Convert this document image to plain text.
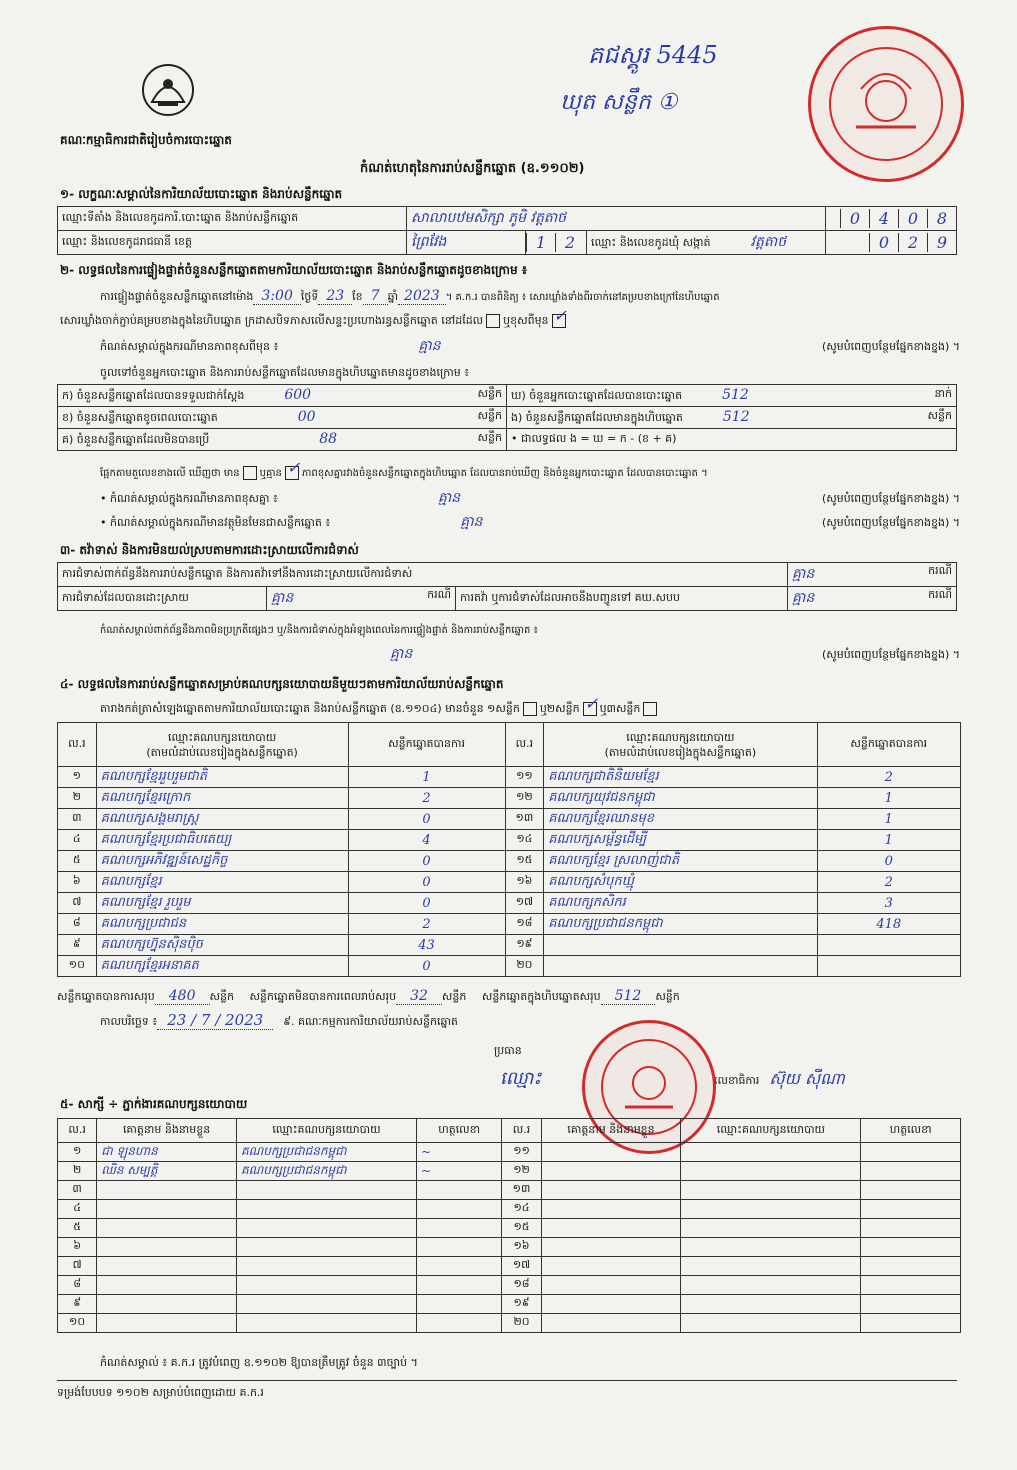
គណៈកម្មាធិការជាតិរៀបចំការបោះឆ្នោត
កំណត់ហេតុនៃការរាប់សន្លឹកឆ្នោត (ឧ.១១០២)
គជស្គូរ 5445
ឃុត សន្លឹក ①
១- លក្ខណៈសម្គាល់នៃការិយាល័យបោះឆ្នោត និងរាប់សន្លឹកឆ្នោត
ឈ្មោះទីតាំង និងលេខកូដការិ.បោះឆ្នោត និងរាប់សន្លឹកឆ្នោត	សាលាបឋមសិក្សា ភូមិ វត្តតាថ			0 4 0 8
ឈ្មោះ និងលេខកូដរាជធានី ខេត្ត	ព្រៃវែង	1 2	ឈ្មោះ និងលេខកូដឃុំ សង្កាត់ វត្តតាថ	0 2 9
២- លទ្ធផលនៃការផ្ទៀងផ្ទាត់ចំនួនសន្លឹកឆ្នោតតាមការិយាល័យបោះឆ្នោត និងរាប់សន្លឹកឆ្នោតដូចខាងក្រោម ៖
ការផ្ទៀងផ្ទាត់ចំនួនសន្លឹកឆ្នោតនៅម៉ោង 3:00 ថ្ងៃទី 23 ខែ 7 ឆ្នាំ 2023 ។ គ.ក.រ បានពិនិត្យ ៖ សោរឃ្លាំងទាំងពីរចាក់នៅគម្របខាងក្រៅនៃហិបឆ្នោត
សោរឃ្លាំងចាក់ភ្ជាប់គម្របខាងក្នុងនៃហិបឆ្នោត ក្រដាសបិទភាសលើសន្ទះប្រហោងរន្ធសន្លឹកឆ្នោត នៅដដែល ឬខុសពីមុន ✓
កំណត់សម្គាល់ក្នុងករណីមានភាពខុសពីមុន ៖	គ្មាន	(សូមបំពេញបន្ថែមផ្នែកខាងខ្នង) ។
ចូលទៅចំនួនអ្នកបោះឆ្នោត និងការរាប់សន្លឹកឆ្នោតដែលមានក្នុងហិបឆ្នោតមានដូចខាងក្រោម ៖
ក) ចំនួនសន្លឹកឆ្នោតដែលបានទទួលជាក់ស្តែង 600 សន្លឹក	ឃ) ចំនួនអ្នកបោះឆ្នោតដែលបានបោះឆ្នោត 512 នាក់

ខ) ចំនួនសន្លឹកឆ្នោតខូចពេលបោះឆ្នោត 00 សន្លឹក	ង) ចំនួនសន្លឹកឆ្នោតដែលមានក្នុងហិបឆ្នោត 512 សន្លឹក

គ) ចំនួនសន្លឹកឆ្នោតដែលមិនបានប្រើ 88 សន្លឹក	• ជាលទ្ធផល ង = ឃ = ក - (ខ + គ)
ផ្អែកតាមតួលេខខាងលើ ឃើញថា មាន ឬគ្មាន ✓ ភាពខុសគ្នារវាងចំនួនសន្លឹកឆ្នោតក្នុងហិបឆ្នោត ដែលបានរាប់ឃើញ និងចំនួនអ្នកបោះឆ្នោត ដែលបានបោះឆ្នោត ។
• កំណត់សម្គាល់ក្នុងករណីមានភាពខុសគ្នា ៖	គ្មាន	(សូមបំពេញបន្ថែមផ្នែកខាងខ្នង) ។
• កំណត់សម្គាល់ក្នុងករណីមានវត្ថុមិនមែនជាសន្លឹកឆ្នោត ៖	គ្មាន	(សូមបំពេញបន្ថែមផ្នែកខាងខ្នង) ។
៣- តវ៉ាទាស់ និងការមិនយល់ស្របតាមការដោះស្រាយលើការជំទាស់
ការជំទាស់ពាក់ព័ន្ធនឹងការរាប់សន្លឹកឆ្នោត និងការតវ៉ាទៅនឹងការដោះស្រាយលើការជំទាស់			គ្មាន ករណី

ការជំទាស់ដែលបានដោះស្រាយ	គ្មាន ករណី	ការតវ៉ា ឬការជំទាស់ដែលអាចនឹងបញ្ជូនទៅ គឃ.សបប	គ្មាន ករណី
កំណត់សម្គាល់ពាក់ព័ន្ធនឹងភាពមិនប្រក្រតីផ្សេងៗ ឬ/និងការជំទាស់ក្នុងអំឡុងពេលនៃការផ្ទៀងផ្ទាត់ និងការរាប់សន្លឹកឆ្នោត ៖
គ្មាន	(សូមបំពេញបន្ថែមផ្នែកខាងខ្នង) ។
៤- លទ្ធផលនៃការរាប់សន្លឹកឆ្នោតសម្រាប់គណបក្សនយោបាយនីមួយៗតាមការិយាល័យរាប់សន្លឹកឆ្នោត
តារាងកត់ត្រាសំឡេងឆ្នោតតាមការិយាល័យបោះឆ្នោត និងរាប់សន្លឹកឆ្នោត (ឧ.១១០៤) មានចំនួន ១សន្លឹក ឬ២សន្លឹក ✓ ឬ៣សន្លឹក
ល.រ	ឈ្មោះគណបក្សនយោបាយ
(តាមលំដាប់លេខរៀងក្នុងសន្លឹកឆ្នោត)	សន្លឹកឆ្នោតបានការ	ល.រ	ឈ្មោះគណបក្សនយោបាយ
(តាមលំដាប់លេខរៀងក្នុងសន្លឹកឆ្នោត)	សន្លឹកឆ្នោតបានការ
១	គណបក្សខ្មែររួបរួមជាតិ	1	១១	គណបក្សជាតិនិយមខ្មែរ	2
២	គណបក្សខ្មែរក្រោក	2	១២	គណបក្សយុវជនកម្ពុជា	1
៣	គណបក្សសង្គមរាស្ត្រ	0	១៣	គណបក្សខ្មែរឈានមុខ	1
៤	គណបក្សខ្មែរប្រជាធិបតេយ្យ	4	១៤	គណបក្សសម្ព័ន្ធដើម្បី	1
៥	គណបក្សអភិវឌ្ឍន៍សេដ្ឋកិច្ច	0	១៥	គណបក្សខ្មែរ ស្រលាញ់ជាតិ	0
៦	គណបក្សខ្មែរ	0	១៦	គណបក្សសំបុកឃ្មុំ	2
៧	គណបក្សខ្មែរ រួបរួម	0	១៧	គណបក្សកសិករ	3
៨	គណបក្សប្រជាជន	2	១៨	គណបក្សប្រជាជនកម្ពុជា	418
៩	គណបក្សហ្វ៊ុនស៊ិនប៉ិច	43	១៩		
១០	គណបក្សខ្មែរអនាគត	0	២០		
សន្លឹកឆ្នោតបានការសរុប 480 សន្លឹក សន្លឹកឆ្នោតមិនបានការពេលរាប់សរុប 32 សន្លឹក សន្លឹកឆ្នោតក្នុងហិបឆ្នោតសរុប 512 សន្លឹក
កាលបរិច្ឆេទ ៖ 23 / 7 / 2023 ៩. គណៈកម្មការការិយាល័យរាប់សន្លឹកឆ្នោត
ប្រធាន
ឈ្មោះ	លេខាធិការ ស៊ុយ ស៊ីណា
៥- សាក្សី ÷ ភ្នាក់ងារគណបក្សនយោបាយ
ល.រ	គោត្តនាម និងនាមខ្លួន	ឈ្មោះគណបក្សនយោបាយ	ហត្ថលេខា	ល.រ	គោត្តនាម និងនាមខ្លួន	ឈ្មោះគណបក្សនយោបាយ	ហត្ថលេខា
១	ជា ឡុនហាន	គណបក្សប្រជាជនកម្ពុជា	~	១១			
២	ឈិន សម្បត្តិ	គណបក្សប្រជាជនកម្ពុជា	~	១២			
៣				១៣			
៤				១៤			
៥				១៥			
៦				១៦			
៧				១៧			
៨				១៨			
៩				១៩			
១០				២០			
កំណត់សម្គាល់ ៖ គ.ក.រ ត្រូវបំពេញ ឧ.១១០២ ឱ្យបានត្រឹមត្រូវ ចំនួន ៣ច្បាប់ ។
ទម្រង់បែបបទ ១១០២ សម្រាប់បំពេញដោយ គ.ក.រ
